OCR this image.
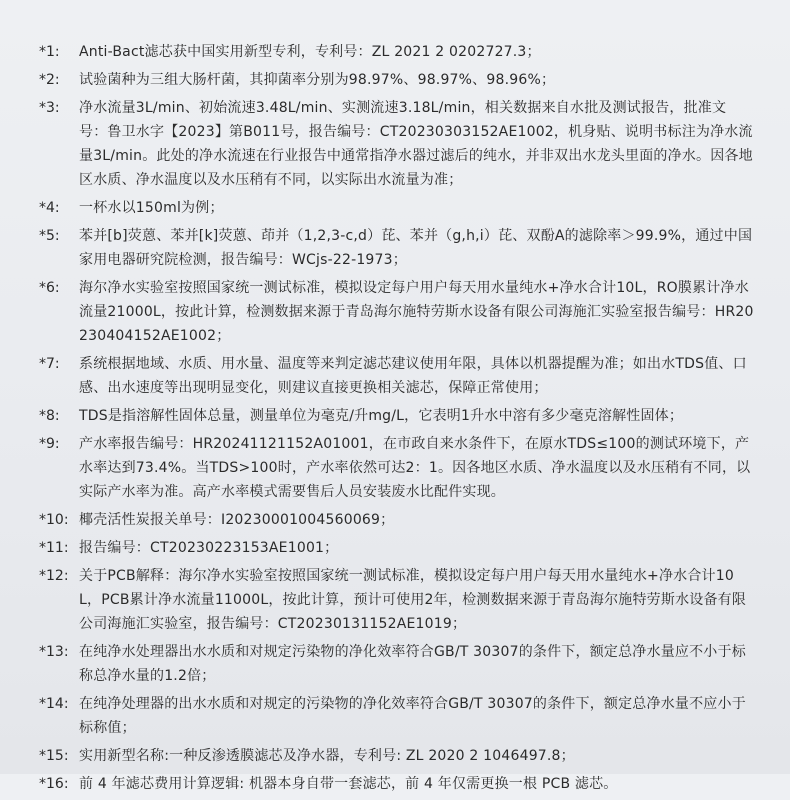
*1:	Anti-Bact滤芯获中国实用新型专利，专利号：ZL 2021 2 0202727.3；
*2:	试验菌种为三组大肠杆菌，其抑菌率分别为98.97%、98.97%、98.96%；
*3:	净水流量3L/min、初始流速3.48L/min、实测流速3.18L/min，相关数据来自水批及测试报告，批准文号：鲁卫水字【2023】第B011号，报告编号：CT20230303152AE1002，机身贴、说明书标注为净水流量3L/min。此处的净水流速在行业报告中通常指净水器过滤后的纯水，并非双出水龙头里面的净水。因各地区水质、净水温度以及水压稍有不同，以实际出水流量为准；
*4:	一杯水以150ml为例；
*5:	苯并[b]荧蒽、苯并[k]荧蒽、茚并（1,2,3-c,d）芘、苯并（g,h,i）芘、双酚A的滤除率＞99.9%，通过中国家用电器研究院检测，报告编号：WCjs-22-1973；
*6:	海尔净水实验室按照国家统一测试标准，模拟设定每户用户每天用水量纯水+净水合计10L，RO膜累计净水流量21000L，按此计算，检测数据来源于青岛海尔施特劳斯水设备有限公司海施汇实验室报告编号：HR20230404152AE1002；
*7:	系统根据地域、水质、用水量、温度等来判定滤芯建议使用年限，具体以机器提醒为准；如出水TDS值、口感、出水速度等出现明显变化，则建议直接更换相关滤芯，保障正常使用；
*8:	TDS是指溶解性固体总量，测量单位为毫克/升mg/L，它表明1升水中溶有多少毫克溶解性固体；
*9:	产水率报告编号：HR20241121152A01001，在市政自来水条件下，在原水TDS≤100的测试环境下，产水率达到73.4%。当TDS>100时，产水率依然可达2：1。因各地区水质、净水温度以及水压稍有不同，以实际产水率为准。高产水率模式需要售后人员安装废水比配件实现。
*10: 椰壳活性炭报关单号：I20230001004560069；
*11: 报告编号：CT20230223153AE1001；
*12: 关于PCB解释：海尔净水实验室按照国家统一测试标准，模拟设定每户用户每天用水量纯水+净水合计10L，PCB累计净水流量11000L，按此计算，预计可使用2年，检测数据来源于青岛海尔施特劳斯水设备有限公司海施汇实验室，报告编号：CT20230131152AE1019；
*13: 在纯净水处理器出水水质和对规定污染物的净化效率符合GB/T 30307的条件下，额定总净水量应不小于标称总净水量的1.2倍；
*14: 在纯净处理器的出水水质和对规定的污染物的净化效率符合GB/T 30307的条件下，额定总净水量不应小于标称值；
*15: 实用新型名称:一种反渗透膜滤芯及净水器，专利号: ZL 2020 2 1046497.8；
*16: 前 4 年滤芯费用计算逻辑: 机器本身自带一套滤芯，前 4 年仅需更换一根 PCB 滤芯。
